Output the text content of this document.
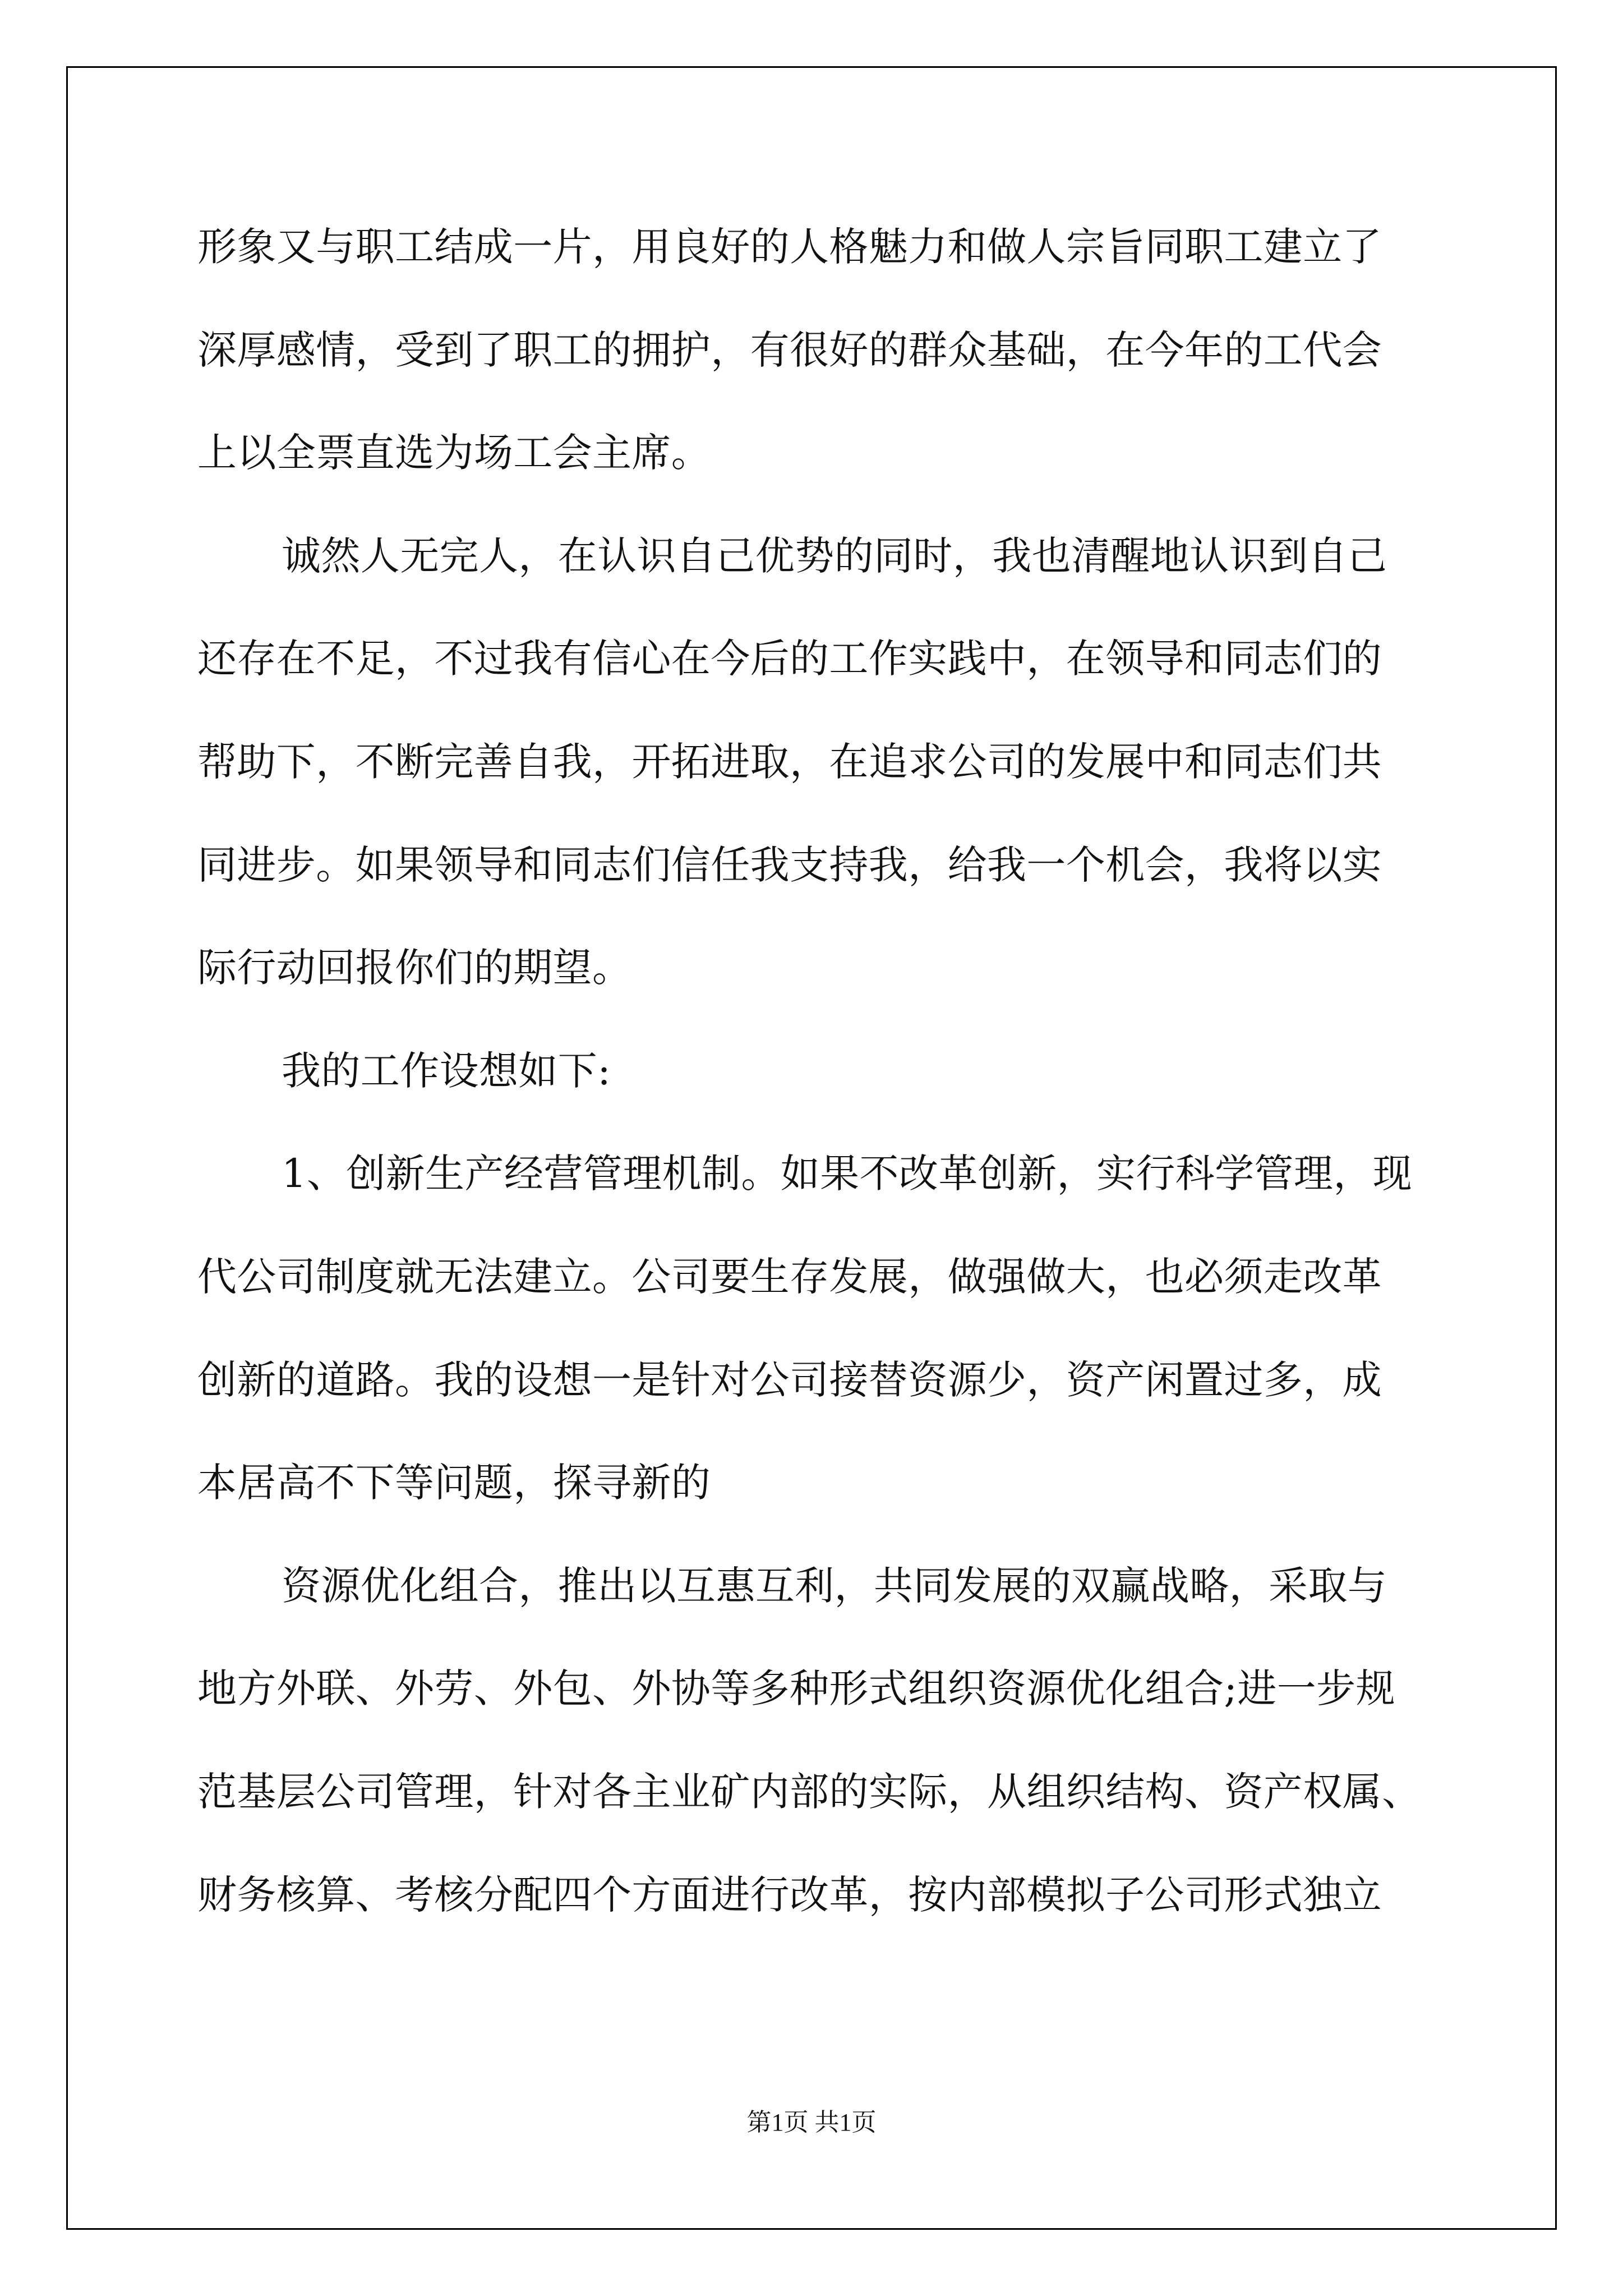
形象又与职工结成一片，用良好的人格魅力和做人宗旨同职工建立了
深厚感情，受到了职工的拥护，有很好的群众基础，在今年的工代会
上以全票直选为场工会主席。
诚然人无完人，在认识自己优势的同时，我也清醒地认识到自己
还存在不足，不过我有信心在今后的工作实践中，在领导和同志们的
帮助下，不断完善自我，开拓进取，在追求公司的发展中和同志们共
同进步。如果领导和同志们信任我支持我，给我一个机会，我将以实
际行动回报你们的期望。
我的工作设想如下:
1、创新生产经营管理机制。如果不改革创新，实行科学管理，现
代公司制度就无法建立。公司要生存发展，做强做大，也必须走改革
创新的道路。我的设想一是针对公司接替资源少，资产闲置过多，成
本居高不下等问题，探寻新的
资源优化组合，推出以互惠互利，共同发展的双赢战略，采取与
地方外联、外劳、外包、外协等多种形式组织资源优化组合;进一步规
范基层公司管理，针对各主业矿内部的实际，从组织结构、资产权属、
财务核算、考核分配四个方面进行改革，按内部模拟子公司形式独立
第1页 共1页
